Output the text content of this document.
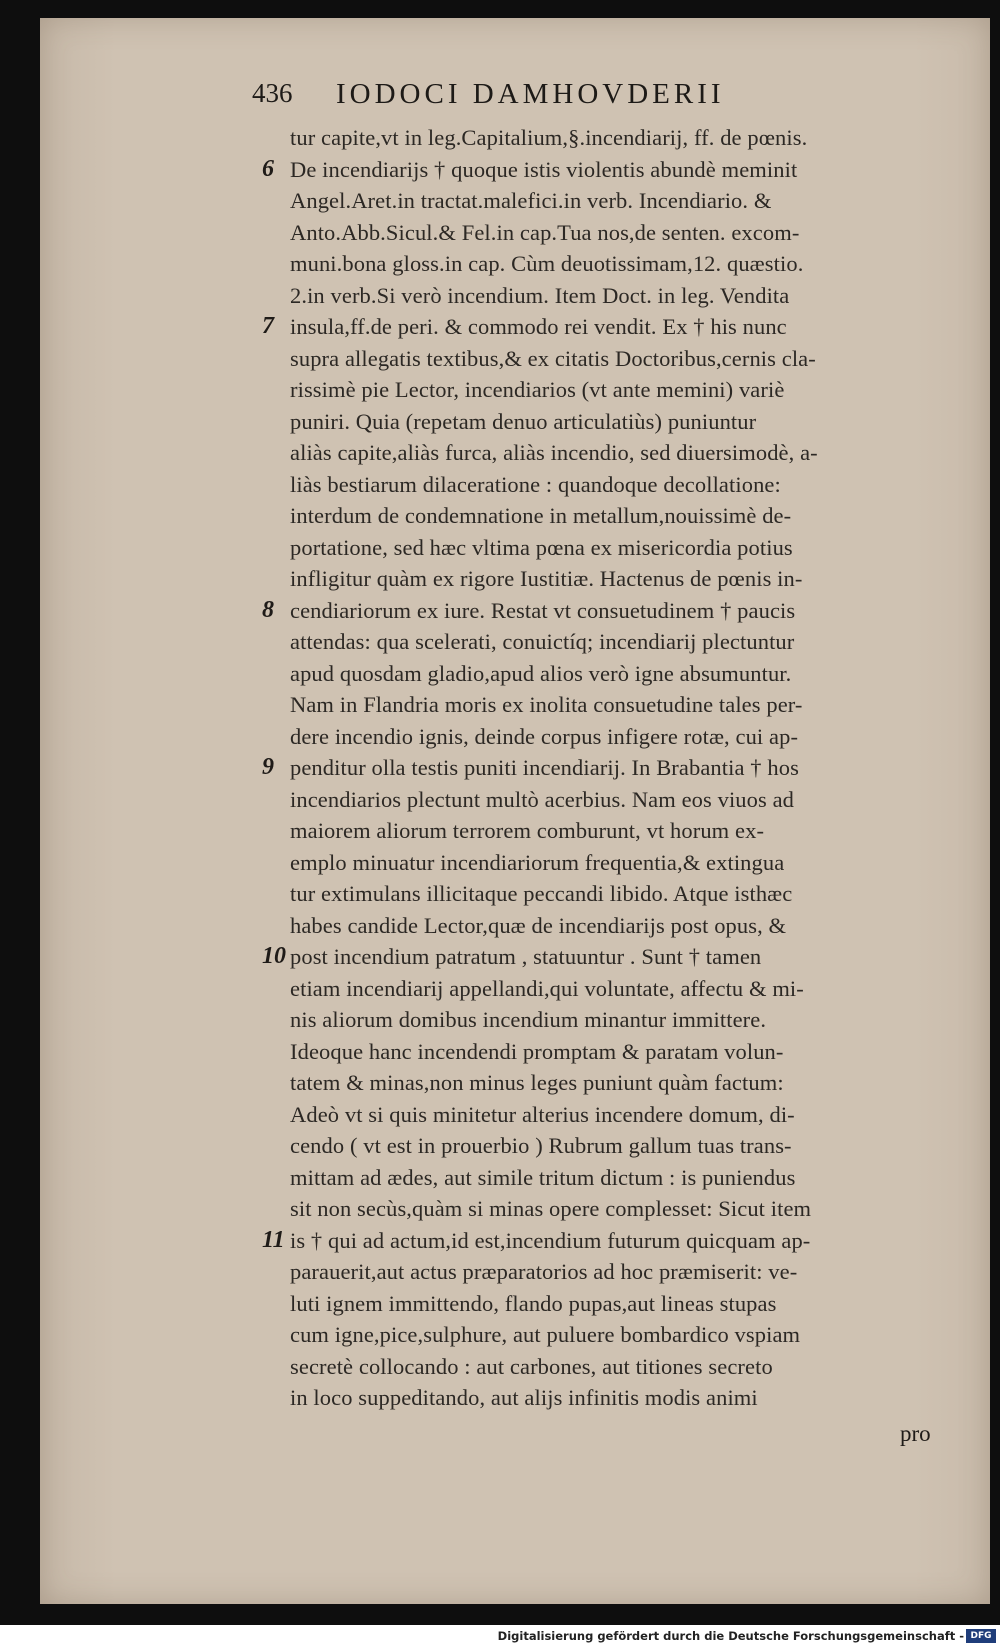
436 IODOCI DAMHOVDERII
tur capite,vt in leg.Capitalium,§.incendiarij, ff. de pœnis.
6 De incendiarijs † quoque istis violentis abundè meminit
Angel.Aret.in tractat.malefici.in verb. Incendiario. &
Anto.Abb.Sicul.& Fel.in cap.Tua nos,de senten. excom-
muni.bona gloss.in cap. Cùm deuotissimam,12. quæstio.
2.in verb.Si verò incendium. Item Doct. in leg. Vendita
7 insula,ff.de peri. & commodo rei vendit. Ex † his nunc
supra allegatis textibus,& ex citatis Doctoribus,cernis cla-
rissimè pie Lector, incendiarios (vt ante memini) variè
puniri. Quia (repetam denuo articulatiùs) puniuntur
aliàs capite,aliàs furca, aliàs incendio, sed diuersimodè, a-
liàs bestiarum dilaceratione : quandoque decollatione:
interdum de condemnatione in metallum,nouissimè de-
portatione, sed hæc vltima pœna ex misericordia potius
infligitur quàm ex rigore Iustitiæ. Hactenus de pœnis in-
8 cendiariorum ex iure. Restat vt consuetudinem † paucis
attendas: qua scelerati, conuictíq; incendiarij plectuntur
apud quosdam gladio,apud alios verò igne absumuntur.
Nam in Flandria moris ex inolita consuetudine tales per-
dere incendio ignis, deinde corpus infigere rotæ, cui ap-
9 penditur olla testis puniti incendiarij. In Brabantia † hos
incendiarios plectunt multò acerbius. Nam eos viuos ad
maiorem aliorum terrorem comburunt, vt horum ex-
emplo minuatur incendiariorum frequentia,& extingua
tur extimulans illicitaque peccandi libido. Atque isthæc
habes candide Lector,quæ de incendiarijs post opus, &
10 post incendium patratum , statuuntur . Sunt † tamen
etiam incendiarij appellandi,qui voluntate, affectu & mi-
nis aliorum domibus incendium minantur immittere.
Ideoque hanc incendendi promptam & paratam volun-
tatem & minas,non minus leges puniunt quàm factum:
Adeò vt si quis minitetur alterius incendere domum, di-
cendo ( vt est in prouerbio ) Rubrum gallum tuas trans-
mittam ad ædes, aut simile tritum dictum : is puniendus
sit non secùs,quàm si minas opere complesset: Sicut item
11 is † qui ad actum,id est,incendium futurum quicquam ap-
parauerit,aut actus præparatorios ad hoc præmiserit: ve-
luti ignem immittendo, flando pupas,aut lineas stupas
cum igne,pice,sulphure, aut puluere bombardico vspiam
secretè collocando : aut carbones, aut titiones secreto
in loco suppeditando, aut alijs infinitis modis animi
pro
Digitalisierung gefördert durch die Deutsche Forschungsgemeinschaft - DFG
